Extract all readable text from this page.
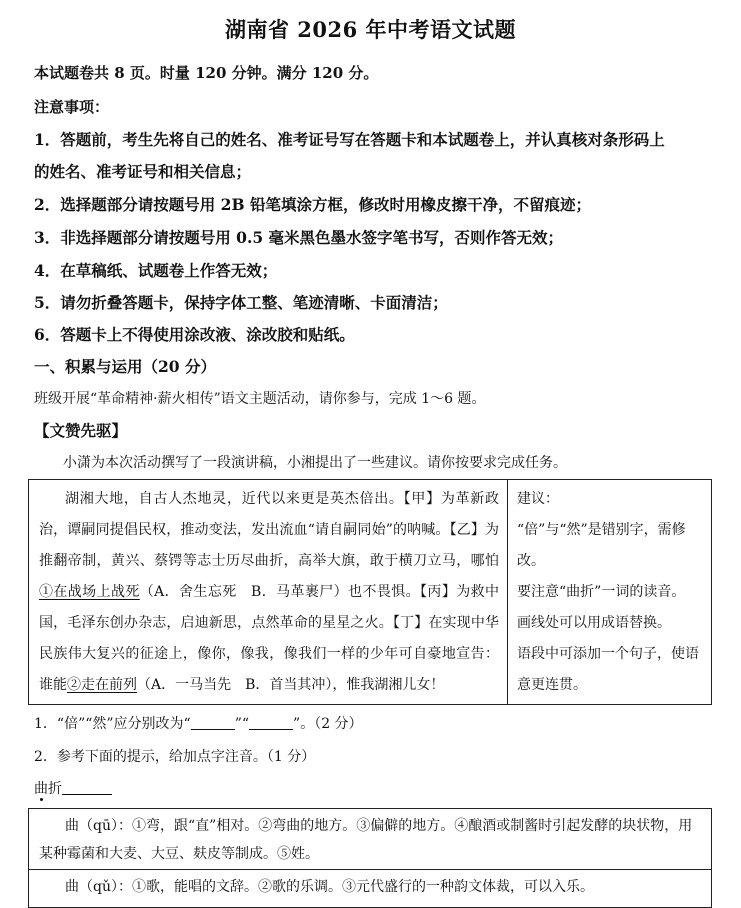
湖南省 2026 年中考语文试题
本试题卷共 8 页。时量 120 分钟。满分 120 分。
注意事项：
1．答题前，考生先将自己的姓名、准考证号写在答题卡和本试题卷上，并认真核对条形码上
的姓名、准考证号和相关信息；
2．选择题部分请按题号用 2B 铅笔填涂方框，修改时用橡皮擦干净，不留痕迹；
3．非选择题部分请按题号用 0.5 毫米黑色墨水签字笔书写，否则作答无效；
4．在草稿纸、试题卷上作答无效；
5．请勿折叠答题卡，保持字体工整、笔迹清晰、卡面清洁；
6．答题卡上不得使用涂改液、涂改胶和贴纸。
一、积累与运用（20 分）
班级开展“革命精神·薪火相传”语文主题活动，请你参与，完成 1～6 题。
【文赞先驱】
小潇为本次活动撰写了一段演讲稿，小湘提出了一些建议。请你按要求完成任务。
湖湘大地，自古人杰地灵，近代以来更是英杰倍出。【甲】为革新政治，谭嗣同提倡民权，推动变法，发出流血“请自嗣同始”的呐喊。【乙】为推翻帝制，黄兴、蔡锷等志士历尽曲折，高举大旗，敢于横刀立马，哪怕①在战场上战死（A．舍生忘死　B．马革裹尸）也不畏惧。【丙】为救中国，毛泽东创办杂志，启迪新思，点然革命的星星之火。【丁】在实现中华民族伟大复兴的征途上，像你，像我，像我们一样的少年可自豪地宣告：谁能②走在前列（A．一马当先　B．首当其冲），惟我湖湘儿女！
建议：
“倍”与“然”是错别字，需修改。
要注意“曲折”一词的读音。
画线处可以用成语替换。
语段中可添加一个句子，使语意更连贯。
1．“倍”“然”应分别改为“	”“	”。（2 分）
2．参考下面的提示，给加点字注音。（1 分）
曲折
曲（qū）：①弯，跟“直”相对。②弯曲的地方。③偏僻的地方。④酿酒或制酱时引起发酵的块状物，用某种霉菌和大麦、大豆、麸皮等制成。⑤姓。
曲（qǔ）：①歌，能唱的文辞。②歌的乐调。③元代盛行的一种韵文体裁，可以入乐。
